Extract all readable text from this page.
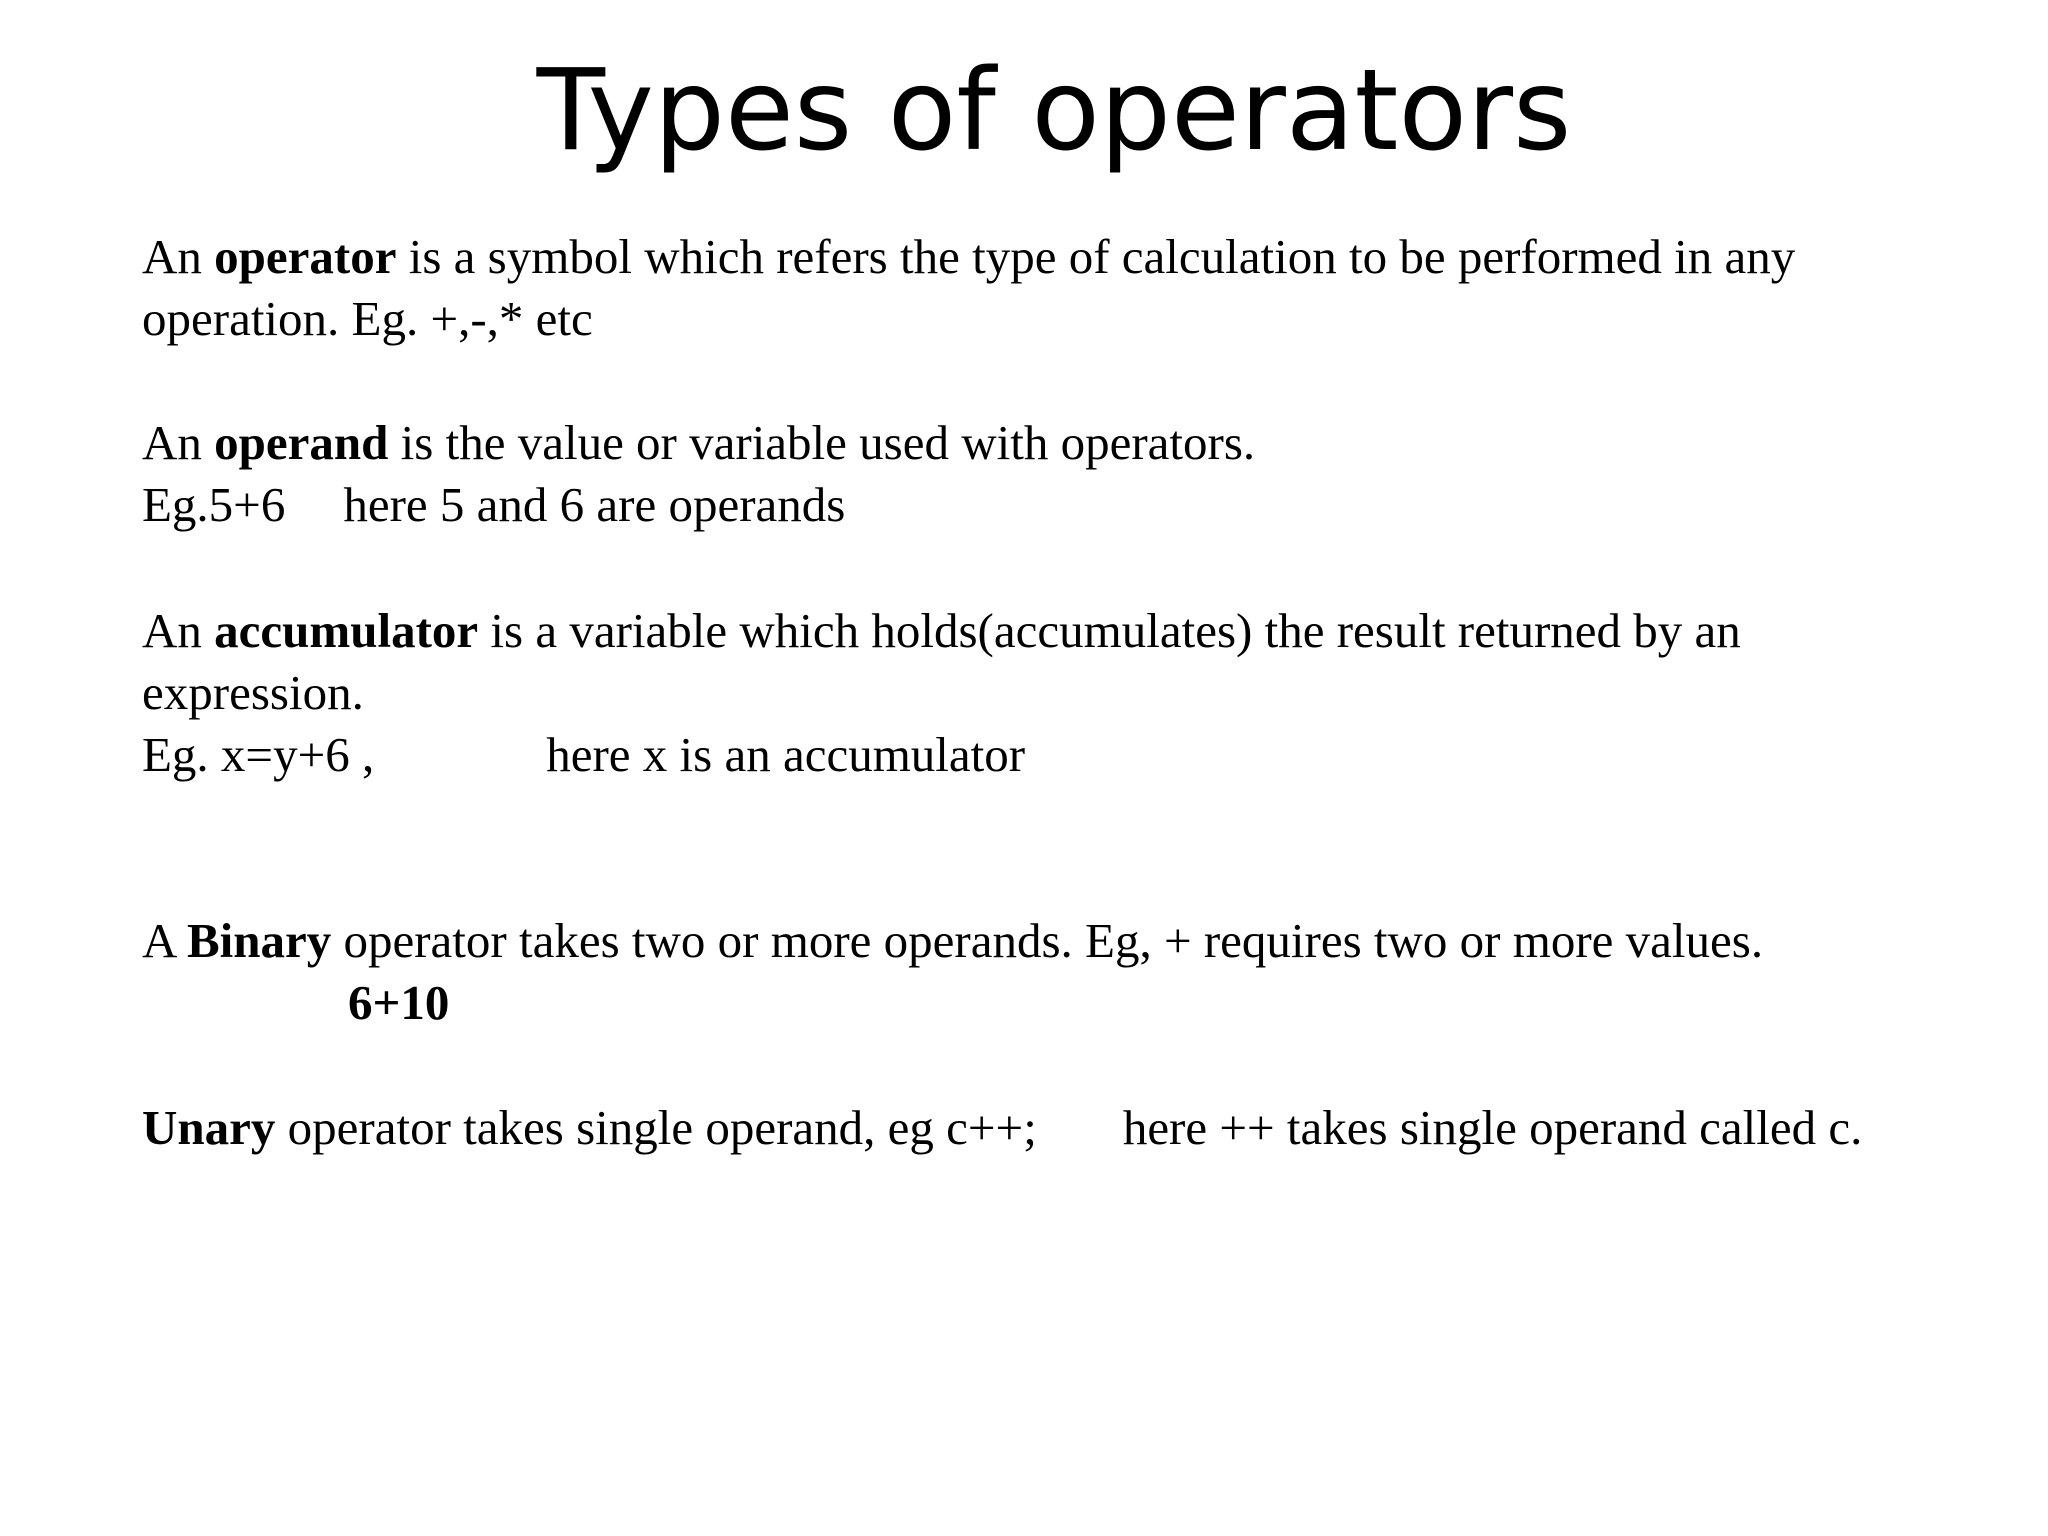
Types of operators

An operator is a symbol which refers the type of calculation to be performed in any

operation. Eg. +,-,* etc

An operand is the value or variable used with operators.

Eg.5+6 here 5 and 6 are operands

An accumulator is a variable which holds(accumulates) the result returned by an

expression.

Eg. x=y+6 ,	here x is an accumulator

A Binary operator takes two or more operands. Eg, + requires two or more values.

6+10

Unary operator takes single operand, eg c++; here ++ takes single operand called c.
